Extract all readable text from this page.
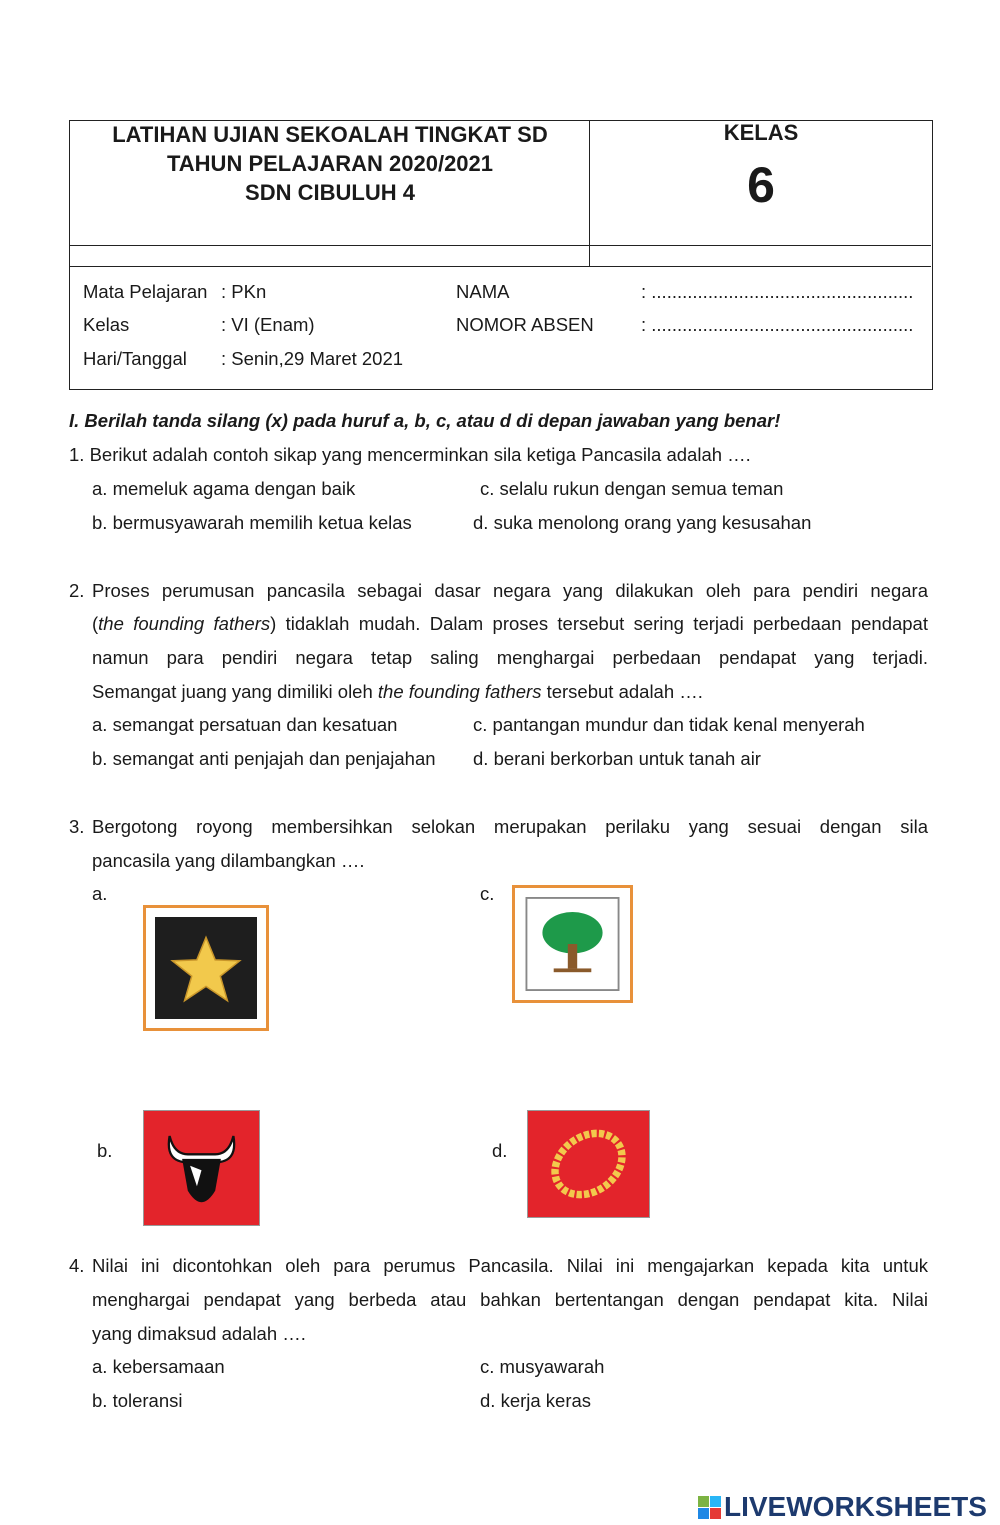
LATIHAN UJIAN SEKOALAH TINGKAT SD
TAHUN PELAJARAN 2020/2021
SDN CIBULUH 4
KELAS
6
Mata Pelajaran : PKn
Kelas	: VI (Enam)
Hari/Tanggal : Senin,29 Maret 2021
NAMA	: ...................................................
NOMOR ABSEN	: ...................................................
I. Berilah tanda silang (x) pada huruf a, b, c, atau d di depan jawaban yang benar!
1. Berikut adalah contoh sikap yang mencerminkan sila ketiga Pancasila adalah ….
a. memeluk agama dengan baik
b. bermusyawarah memilih ketua kelas
c. selalu rukun dengan semua teman
d. suka menolong orang yang kesusahan
2. Proses perumusan pancasila sebagai dasar negara yang dilakukan oleh para pendiri negara
(the founding fathers) tidaklah mudah. Dalam proses tersebut sering terjadi perbedaan pendapat
namun para pendiri negara tetap saling menghargai perbedaan pendapat yang terjadi.
Semangat juang yang dimiliki oleh the founding fathers tersebut adalah ….
a. semangat persatuan dan kesatuan
b. semangat anti penjajah dan penjajahan
c. pantangan mundur dan tidak kenal menyerah
d. berani berkorban untuk tanah air
3. Bergotong royong membersihkan selokan merupakan perilaku yang sesuai dengan sila
pancasila yang dilambangkan ….
a.	c.
b.	d.
4. Nilai ini dicontohkan oleh para perumus Pancasila. Nilai ini mengajarkan kepada kita untuk
menghargai pendapat yang berbeda atau bahkan bertentangan dengan pendapat kita. Nilai
yang dimaksud adalah ….
a. kebersamaan
b. toleransi
c. musyawarah
d. kerja keras
LIVEWORKSHEETS
